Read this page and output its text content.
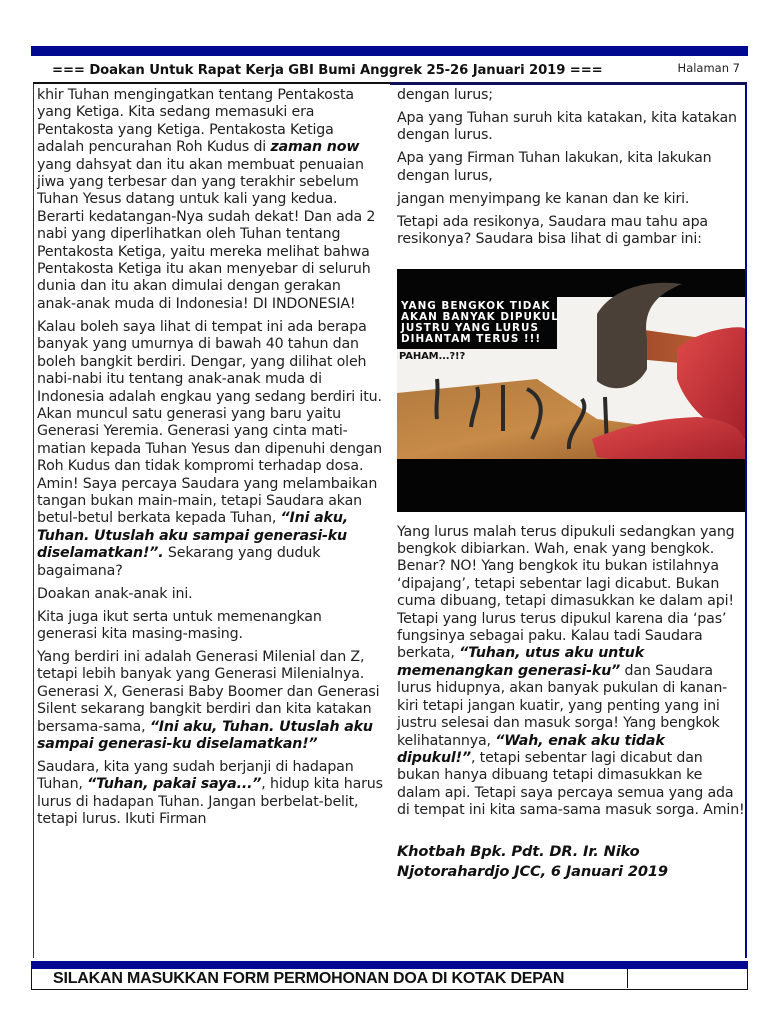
=== Doakan Untuk Rapat Kerja GBI Bumi Anggrek 25-26 Januari 2019 ===	Halaman 7

khir Tuhan mengingatkan tentang Pentakosta yang Ketiga. Kita sedang memasuki era Pentakosta yang Ketiga. Pentakosta Ketiga adalah pencurahan Roh Kudus di zaman now yang dahsyat dan itu akan membuat penuaian jiwa yang terbesar dan yang terakhir sebelum Tuhan Yesus datang untuk kali yang kedua. Berarti kedatangan-Nya sudah dekat! Dan ada 2 nabi yang diperlihatkan oleh Tuhan tentang Pentakosta Ketiga, yaitu mereka melihat bahwa Pentakosta Ketiga itu akan menyebar di seluruh dunia dan itu akan dimulai dengan gerakan anak-anak muda di Indonesia! DI INDONESIA!

Kalau boleh saya lihat di tempat ini ada berapa banyak yang umurnya di bawah 40 tahun dan boleh bangkit berdiri. Dengar, yang dilihat oleh nabi-nabi itu tentang anak-anak muda di Indonesia adalah engkau yang sedang berdiri itu. Akan muncul satu generasi yang baru yaitu Generasi Yeremia. Generasi yang cinta mati-matian kepada Tuhan Yesus dan dipenuhi dengan Roh Kudus dan tidak kompromi terhadap dosa. Amin! Saya percaya Saudara yang melambaikan tangan bukan main-main, tetapi Saudara akan betul-betul berkata kepada Tuhan, “Ini aku, Tuhan. Utuslah aku sampai generasi-ku diselamatkan!”. Sekarang yang duduk bagaimana?

Doakan anak-anak ini.

Kita juga ikut serta untuk memenangkan generasi kita masing-masing.

Yang berdiri ini adalah Generasi Milenial dan Z, tetapi lebih banyak yang Generasi Milenialnya. Generasi X, Generasi Baby Boomer dan Generasi Silent sekarang bangkit berdiri dan kita katakan bersama-sama, “Ini aku, Tuhan. Utuslah aku sampai generasi-ku diselamatkan!”

Saudara, kita yang sudah berjanji di hadapan Tuhan, “Tuhan, pakai saya...”, hidup kita harus lurus di hadapan Tuhan. Jangan berbelat-belit, tetapi lurus. Ikuti Firman

dengan lurus;

Apa yang Tuhan suruh kita katakan, kita katakan dengan lurus.

Apa yang Firman Tuhan lakukan, kita lakukan dengan lurus,

jangan menyimpang ke kanan dan ke kiri.

Tetapi ada resikonya, Saudara mau tahu apa resikonya? Saudara bisa lihat di gambar ini:

YANG BENGKOK TIDAK
AKAN BANYAK DIPUKUL
JUSTRU YANG LURUS
DIHANTAM TERUS !!!
PAHAM...?!?

Yang lurus malah terus dipukuli sedangkan yang bengkok dibiarkan. Wah, enak yang bengkok. Benar? NO! Yang bengkok itu bukan istilahnya ‘dipajang’, tetapi sebentar lagi dicabut. Bukan cuma dibuang, tetapi dimasukkan ke dalam api! Tetapi yang lurus terus dipukul karena dia ‘pas’ fungsinya sebagai paku. Kalau tadi Saudara berkata, “Tuhan, utus aku untuk memenangkan generasi-ku” dan Saudara lurus hidupnya, akan banyak pukulan di kanan-kiri tetapi jangan kuatir, yang penting yang ini justru selesai dan masuk sorga! Yang bengkok kelihatannya, “Wah, enak aku tidak dipukul!”, tetapi sebentar lagi dicabut dan bukan hanya dibuang tetapi dimasukkan ke dalam api. Tetapi saya percaya semua yang ada di tempat ini kita sama-sama masuk sorga. Amin!

Khotbah Bpk. Pdt. DR. Ir. Niko Njotorahardjo JCC, 6 Januari 2019

SILAKAN MASUKKAN FORM PERMOHONAN DOA DI KOTAK DEPAN
